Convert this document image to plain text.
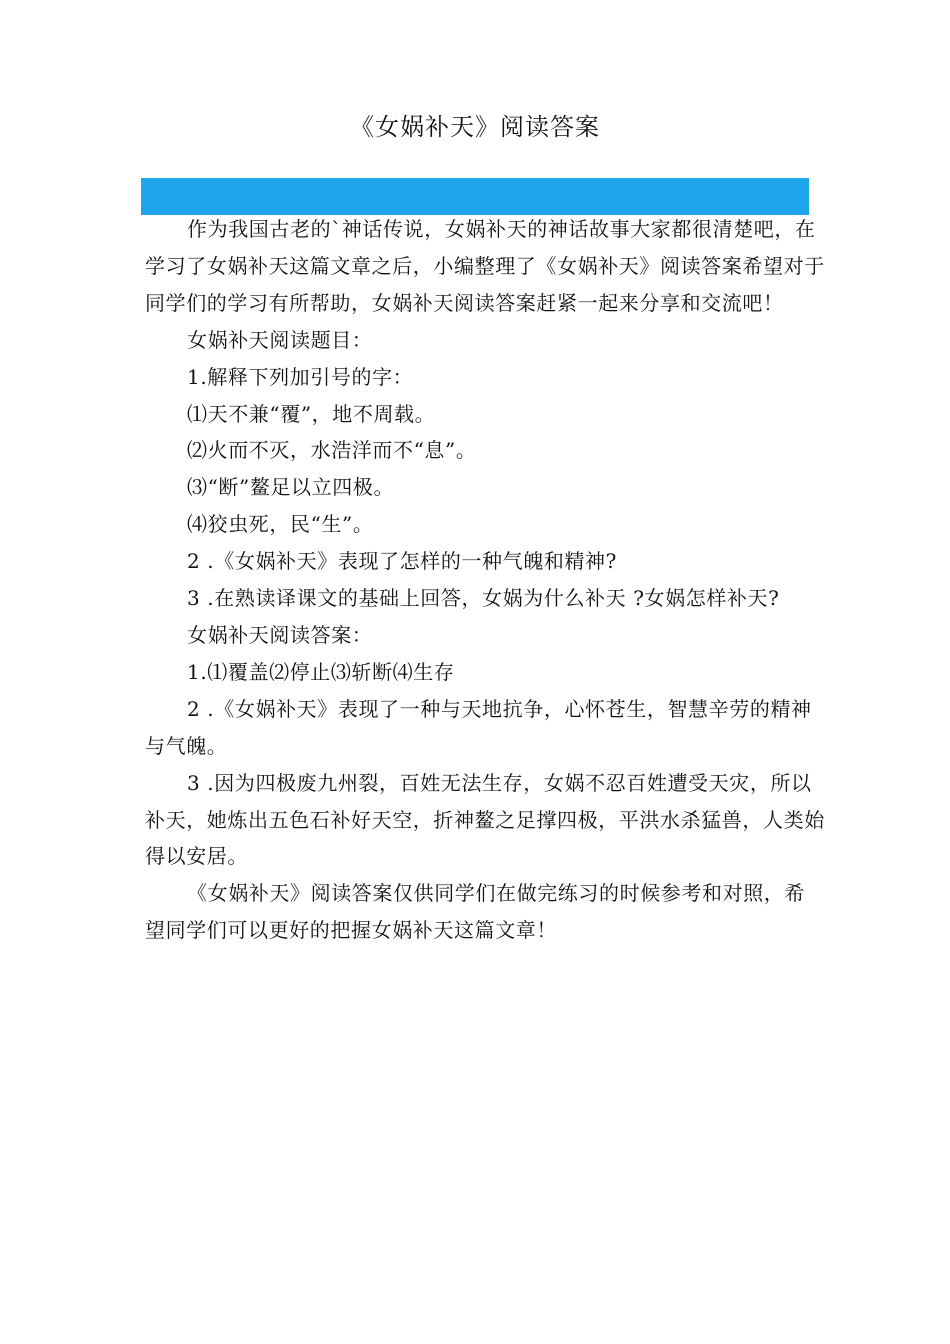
《女娲补天》阅读答案

作为我国古老的`神话传说，女娲补天的神话故事大家都很清楚吧，在学习了女娲补天这篇文章之后，小编整理了《女娲补天》阅读答案希望对于同学们的学习有所帮助，女娲补天阅读答案赶紧一起来分享和交流吧！

女娲补天阅读题目：

1.解释下列加引号的字：

⑴天不兼“覆”，地不周载。

⑵火而不灭，水浩洋而不“息”。

⑶“断”鳌足以立四极。

⑷狡虫死，民“生”。

2 .《女娲补天》表现了怎样的一种气魄和精神?

3 .在熟读译课文的基础上回答，女娲为什么补天 ?女娲怎样补天?

女娲补天阅读答案：

1.⑴覆盖⑵停止⑶斩断⑷生存

2 .《女娲补天》表现了一种与天地抗争，心怀苍生，智慧辛劳的精神与气魄。

3 .因为四极废九州裂，百姓无法生存，女娲不忍百姓遭受天灾，所以补天，她炼出五色石补好天空，折神鳌之足撑四极，平洪水杀猛兽，人类始得以安居。

《女娲补天》阅读答案仅供同学们在做完练习的时候参考和对照，希望同学们可以更好的把握女娲补天这篇文章！
